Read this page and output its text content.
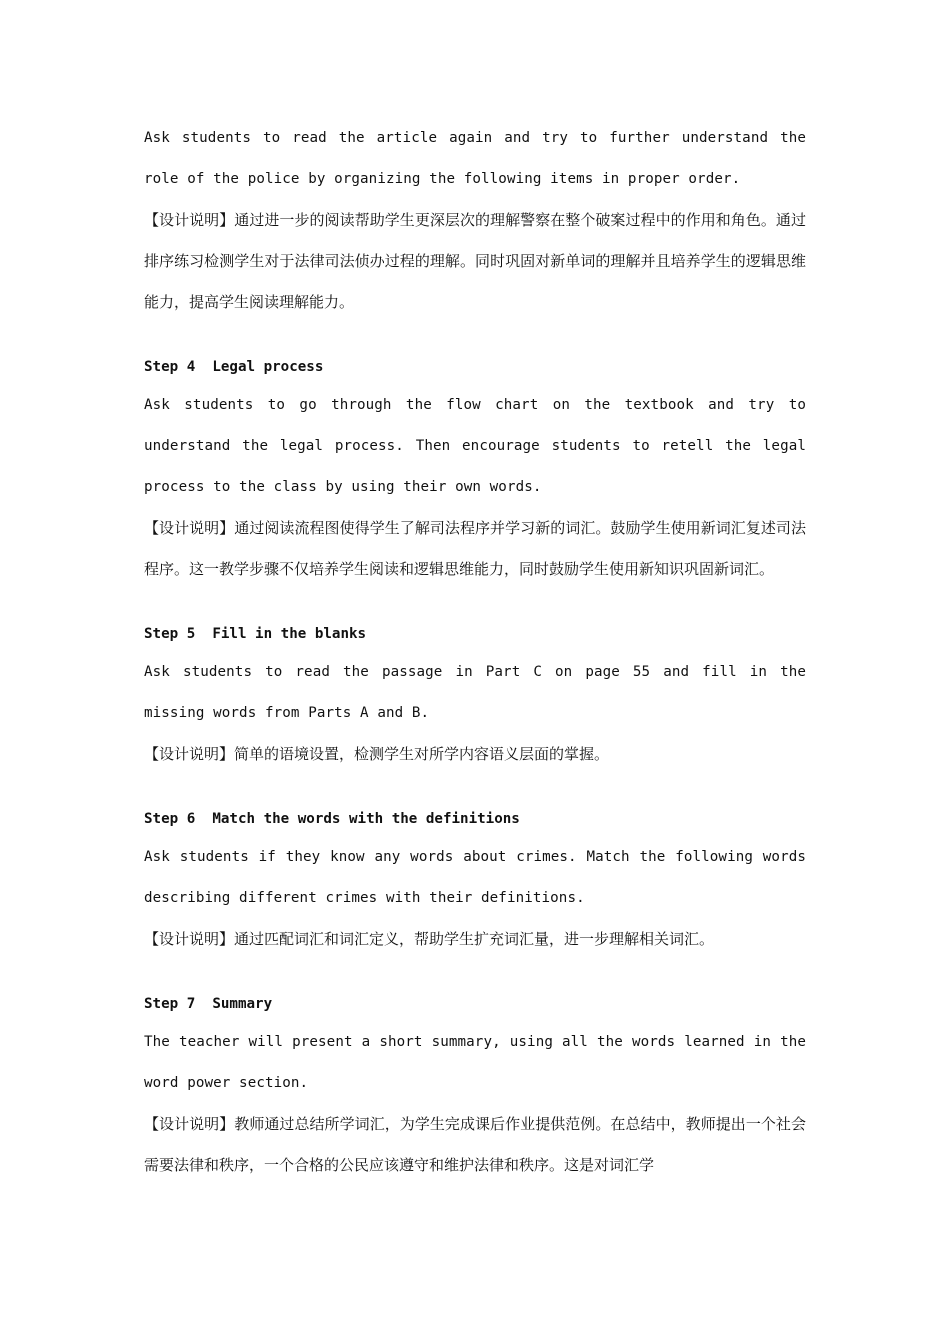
Ask students to read the article again and try to further understand the role of the police by organizing the following items in proper order.

【设计说明】通过进一步的阅读帮助学生更深层次的理解警察在整个破案过程中的作用和角色。通过排序练习检测学生对于法律司法侦办过程的理解。同时巩固对新单词的理解并且培养学生的逻辑思维能力，提高学生阅读理解能力。

Step 4  Legal process

Ask students to go through the flow chart on the textbook and try to understand the legal process. Then encourage students to retell the legal process to the class by using their own words.

【设计说明】通过阅读流程图使得学生了解司法程序并学习新的词汇。鼓励学生使用新词汇复述司法程序。这一教学步骤不仅培养学生阅读和逻辑思维能力，同时鼓励学生使用新知识巩固新词汇。

Step 5  Fill in the blanks

Ask students to read the passage in Part C on page 55 and fill in the missing words from Parts A and B.

【设计说明】简单的语境设置，检测学生对所学内容语义层面的掌握。

Step 6  Match the words with the definitions

Ask students if they know any words about crimes. Match the following words describing different crimes with their definitions.

【设计说明】通过匹配词汇和词汇定义，帮助学生扩充词汇量，进一步理解相关词汇。

Step 7  Summary

The teacher will present a short summary, using all the words learned in the word power section.

【设计说明】教师通过总结所学词汇，为学生完成课后作业提供范例。在总结中，教师提出一个社会需要法律和秩序，一个合格的公民应该遵守和维护法律和秩序。这是对词汇学
